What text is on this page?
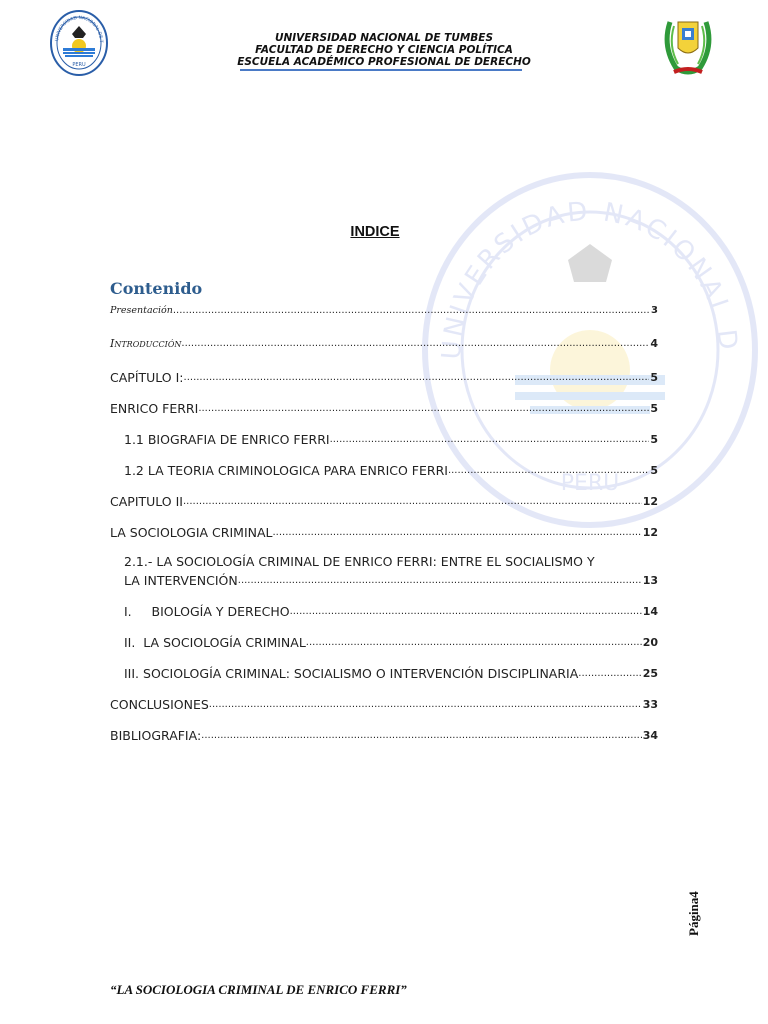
UNIVERSIDAD NACIONAL DE T
PERU
UNIVERSIDAD NACIONAL DE TUMBES
FACULTAD DE DERECHO Y CIENCIA POLÍTICA
ESCUELA ACADÉMICO PROFESIONAL DE DERECHO
UNIVERSIDAD NACIONAL D
PERU
INDICE
Contenido
Presentación .....	3
Introducción .....	4
CAPÍTULO I: .....	5
ENRICO FERRI .....	5
1.1 BIOGRAFIA DE ENRICO FERRI .....	5
1.2 LA TEORIA CRIMINOLOGICA PARA ENRICO FERRI .....	5
CAPITULO II .....	12
LA SOCIOLOGIA CRIMINAL .....	12
2.1.- LA SOCIOLOGÍA CRIMINAL DE ENRICO FERRI: ENTRE EL SOCIALISMO Y
LA INTERVENCIÓN .....	13
I.     BIOLOGÍA Y DERECHO .....	14
II.  LA SOCIOLOGÍA CRIMINAL .....	20
III. SOCIOLOGÍA CRIMINAL: SOCIALISMO O INTERVENCIÓN DISCIPLINARIA .....	25
CONCLUSIONES .....	33
BIBLIOGRAFIA: .....	34
Página4
“LA SOCIOLOGIA CRIMINAL DE ENRICO FERRI”
